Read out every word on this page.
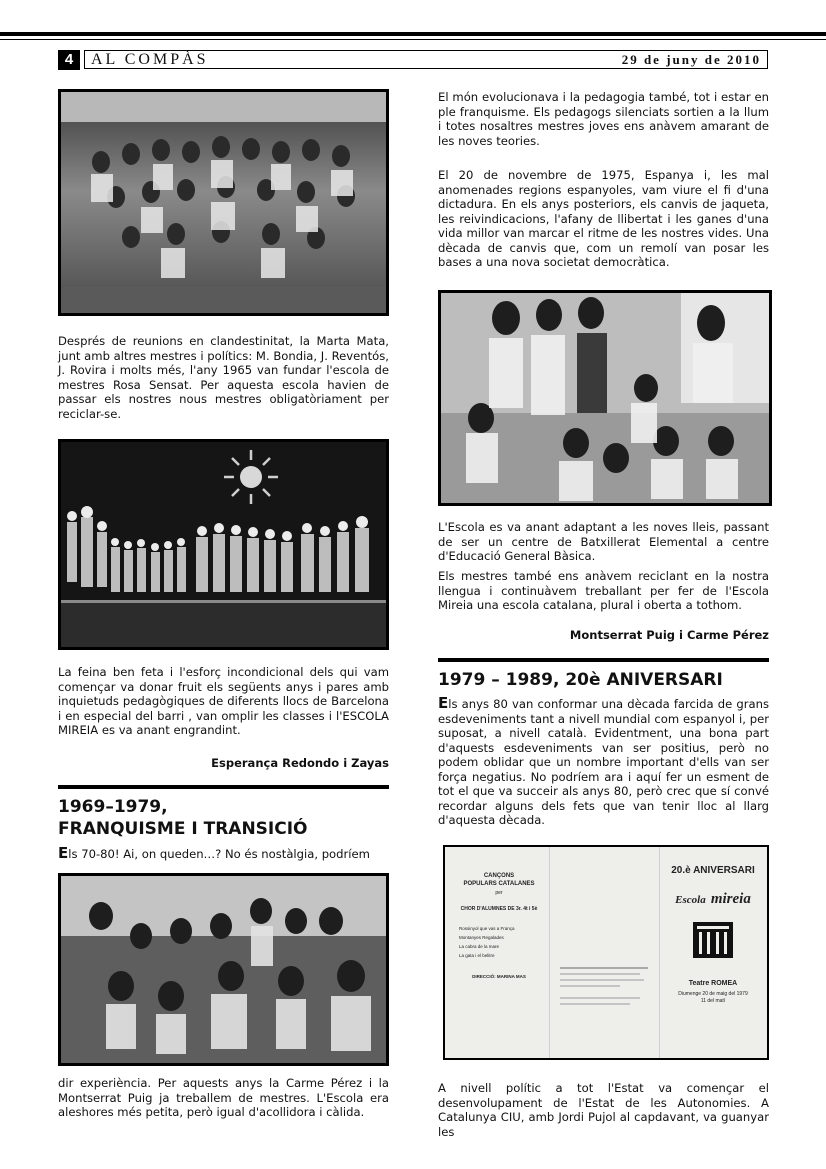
4	AL COMPÀS	29 de juny de 2010

Després de reunions en clandestinitat, la Marta Mata, junt amb altres mestres i polítics: M. Bondia, J. Reventós, J. Rovira i molts més, l'any 1965 van fundar l'escola de mestres Rosa Sensat. Per aquesta escola havien de passar els nostres nous mestres obligatòriament per reciclar-se.

La feina ben feta i l'esforç incondicional dels qui vam començar va donar fruit els següents anys i pares amb inquietuds pedagògiques de diferents llocs de Barcelona i en especial del barri , van omplir les classes i l'ESCOLA MIREIA es va anant engrandint.

Esperança Redondo i Zayas

1969–1979,
FRANQUISME I TRANSICIÓ

Els 70-80! Ai, on queden…? No és nostàlgia, podríem

dir experiència. Per aquests anys la Carme Pérez i la Montserrat Puig ja treballem de mestres. L'Escola era aleshores més petita, però igual d'acollidora i càlida.

El món evolucionava i la pedagogia també, tot i estar en ple franquisme. Els pedagogs silenciats sortien a la llum i totes nosaltres mestres joves ens anàvem amarant de les noves teories.

El 20 de novembre de 1975, Espanya i, les mal anomenades regions espanyoles, vam viure el fi d'una dictadura. En els anys posteriors, els canvis de jaqueta, les reivindicacions, l'afany de llibertat i les ganes d'una vida millor van marcar el ritme de les nostres vides. Una dècada de canvis que, com un remolí van posar les bases a una nova societat democràtica.

L'Escola es va anant adaptant a les noves lleis, passant de ser un centre de Batxillerat Elemental a centre d'Educació General Bàsica.

Els mestres també ens anàvem reciclant en la nostra llengua i continuàvem treballant per fer de l'Escola Mireia una escola catalana, plural i oberta a tothom.

Montserrat Puig i Carme Pérez

1979 – 1989, 20è ANIVERSARI

Els anys 80 van conformar una dècada farcida de grans esdeveniments tant a nivell mundial com espanyol i, per suposat, a nivell català. Evidentment, una bona part d'aquests esdeveniments van ser positius, però no podem oblidar que un nombre important d'ells van ser força negatius. No podríem ara i aquí fer un esment de tot el que va succeir als anys 80, però crec que sí convé recordar alguns dels fets que van tenir lloc al llarg d'aquesta dècada.

CANÇONS
POPULARS CATALANES
per
CHOR D'ALUMNES DE 3r. 4t i 5è
Rossinyol que vas a França
Montanyes Regalades
La cabra de la mare
La gata i el belitre
DIRECCIÓ: MARINA MAS
20.è ANIVERSARI
Escola mireia
Teatre ROMEA
Diumenge 20 de maig del 1979
11 del matí

A nivell polític a tot l'Estat va començar el desenvolupament de l'Estat de les Autonomies. A Catalunya CIU, amb Jordi Pujol al capdavant, va guanyar les
